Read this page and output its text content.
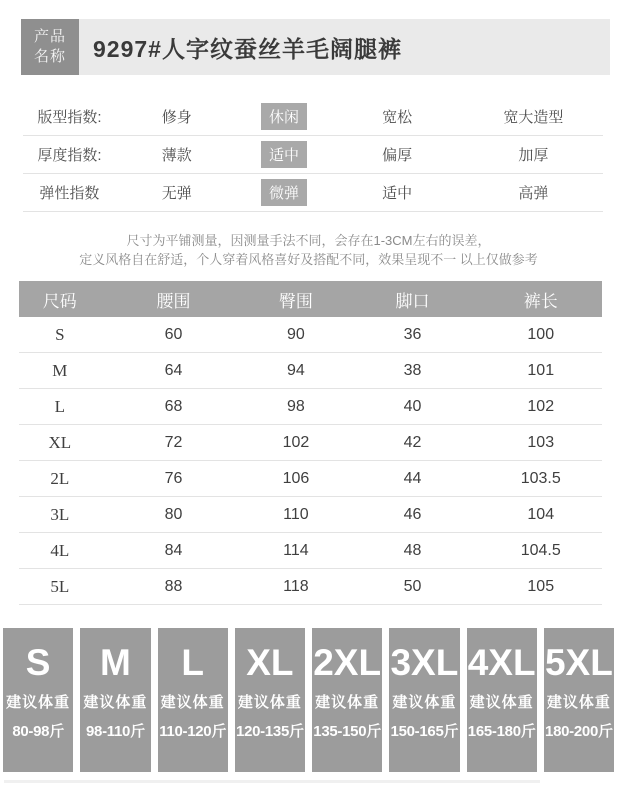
产品
名称	9297#人字纹蚕丝羊毛阔腿裤
版型指数:	修身	休闲	宽松	宽大造型
厚度指数:	薄款	适中	偏厚	加厚
弹性指数	无弹	微弹	适中	高弹
尺寸为平铺测量，因测量手法不同，会存在1-3CM左右的误差，
定义风格自在舒适，个人穿着风格喜好及搭配不同，效果呈现不一 以上仅做参考
尺码	腰围	臀围	脚口	裤长
S	60	90	36	100
M	64	94	38	101
L	68	98	40	102
XL	72	102	42	103
2L	76	106	44	103.5
3L	80	110	46	104
4L	84	114	48	104.5
5L	88	118	50	105
S
建议体重
80-98斤
M
建议体重
98-110斤
L
建议体重
110-120斤
XL
建议体重
120-135斤
2XL
建议体重
135-150斤
3XL
建议体重
150-165斤
4XL
建议体重
165-180斤
5XL
建议体重
180-200斤
